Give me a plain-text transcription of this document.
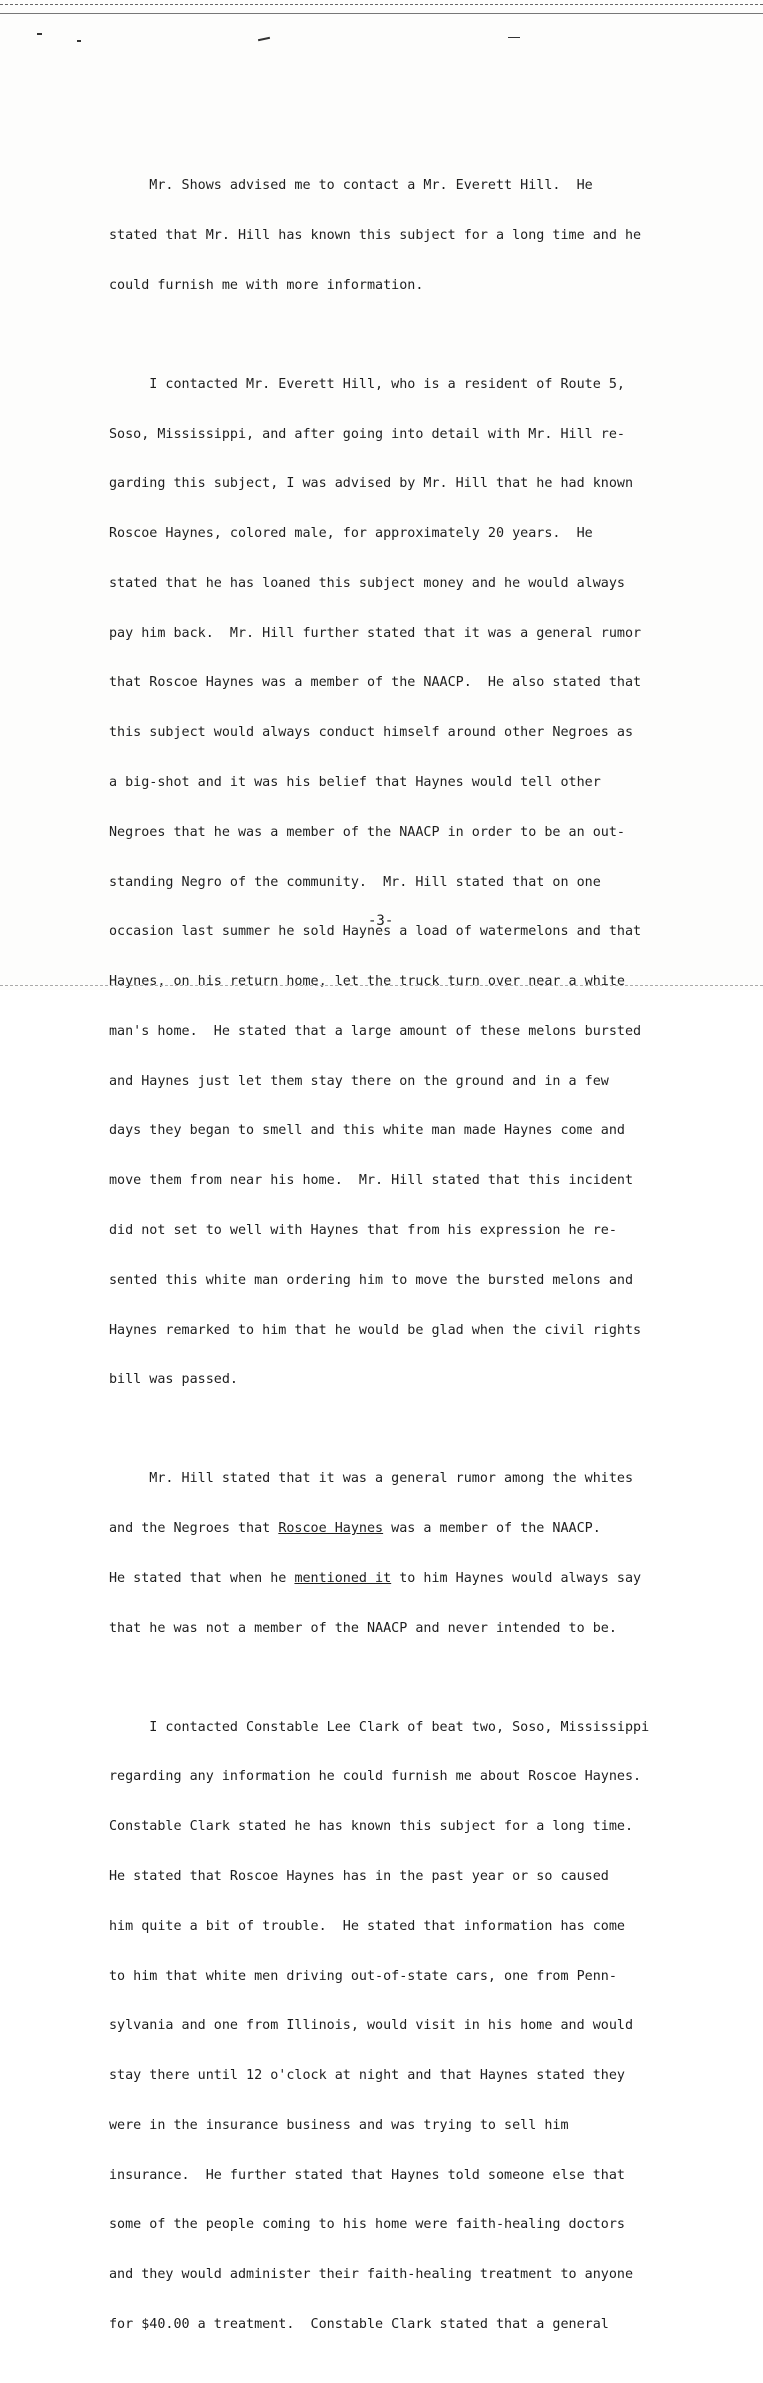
Mr. Shows advised me to contact a Mr. Everett Hill.  He

stated that Mr. Hill has known this subject for a long time and he

could furnish me with more information.

I contacted Mr. Everett Hill, who is a resident of Route 5,

Soso, Mississippi, and after going into detail with Mr. Hill re-

garding this subject, I was advised by Mr. Hill that he had known

Roscoe Haynes, colored male, for approximately 20 years.  He

stated that he has loaned this subject money and he would always

pay him back.  Mr. Hill further stated that it was a general rumor

that Roscoe Haynes was a member of the NAACP.  He also stated that

this subject would always conduct himself around other Negroes as

a big-shot and it was his belief that Haynes would tell other

Negroes that he was a member of the NAACP in order to be an out-

standing Negro of the community.  Mr. Hill stated that on one

occasion last summer he sold Haynes a load of watermelons and that

Haynes, on his return home, let the truck turn over near a white

man's home.  He stated that a large amount of these melons bursted

and Haynes just let them stay there on the ground and in a few

days they began to smell and this white man made Haynes come and

move them from near his home.  Mr. Hill stated that this incident

did not set to well with Haynes that from his expression he re-

sented this white man ordering him to move the bursted melons and

Haynes remarked to him that he would be glad when the civil rights

bill was passed.

Mr. Hill stated that it was a general rumor among the whites

and the Negroes that Roscoe Haynes was a member of the NAACP.

He stated that when he mentioned it to him Haynes would always say

that he was not a member of the NAACP and never intended to be.

I contacted Constable Lee Clark of beat two, Soso, Mississippi

regarding any information he could furnish me about Roscoe Haynes.

Constable Clark stated he has known this subject for a long time.

He stated that Roscoe Haynes has in the past year or so caused

him quite a bit of trouble.  He stated that information has come

to him that white men driving out-of-state cars, one from Penn-

sylvania and one from Illinois, would visit in his home and would

stay there until 12 o'clock at night and that Haynes stated they

were in the insurance business and was trying to sell him

insurance.  He further stated that Haynes told someone else that

some of the people coming to his home were faith-healing doctors

and they would administer their faith-healing treatment to anyone

for $40.00 a treatment.  Constable Clark stated that a general

-3-
